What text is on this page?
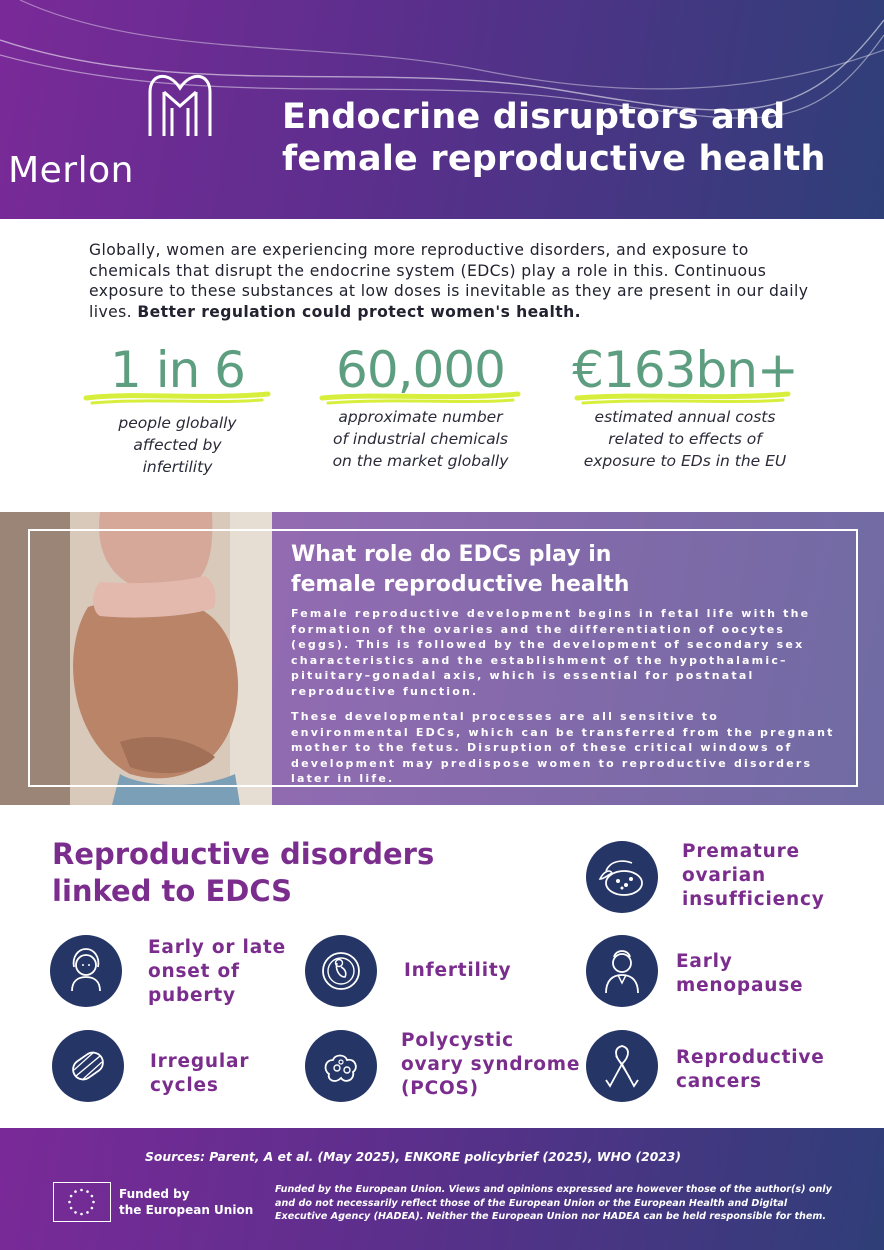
Merlon
Endocrine disruptors and
female reproductive health
Globally, women are experiencing more reproductive disorders, and exposure to chemicals that disrupt the endocrine system (EDCs) play a role in this. Continuous exposure to these substances at low doses is inevitable as they are present in our daily lives. Better regulation could protect women's health.
1 in 6
people globally
affected by
infertility
60,000
approximate number
of industrial chemicals
on the market globally
€163bn+
estimated annual costs
related to effects of
exposure to EDs in the EU
What role do EDCs play in
female reproductive health
Female reproductive development begins in fetal life with the formation of the ovaries and the differentiation of oocytes (eggs). This is followed by the development of secondary sex characteristics and the establishment of the hypothalamic–pituitary–gonadal axis, which is essential for postnatal reproductive function.
These developmental processes are all sensitive to environmental EDCs, which can be transferred from the pregnant mother to the fetus. Disruption of these critical windows of development may predispose women to reproductive disorders later in life.
Reproductive disorders
linked to EDCS
Premature
ovarian
insufficiency
Early or late
onset of
puberty
Infertility	Early
menopause
Irregular
cycles
Polycystic
ovary syndrome
(PCOS)
Reproductive
cancers
Sources: Parent, A et al. (May 2025), ENKORE policybrief (2025), WHO (2023)
Funded by
the European Union
Funded by the European Union. Views and opinions expressed are however those of the author(s) only and do not necessarily reflect those of the European Union or the European Health and Digital Executive Agency (HADEA). Neither the European Union nor HADEA can be held responsible for them.
